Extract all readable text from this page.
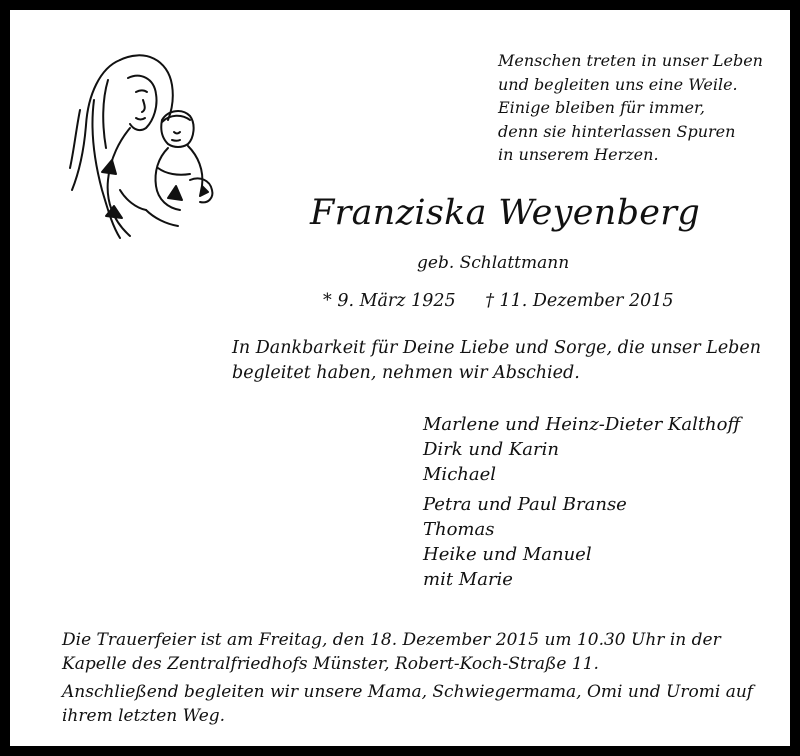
Menschen treten in unser Leben
und begleiten uns eine Weile.
Einige bleiben für immer,
denn sie hinterlassen Spuren
in unserem Herzen.
Franziska Weyenberg
geb. Schlattmann
* 9. März 1925 † 11. Dezember 2015
In Dankbarkeit für Deine Liebe und Sorge, die unser Leben
begleitet haben, nehmen wir Abschied.
Marlene und Heinz-Dieter Kalthoff
Dirk und Karin
Michael
Petra und Paul Branse
Thomas
Heike und Manuel
mit Marie
Die Trauerfeier ist am Freitag, den 18. Dezember 2015 um 10.30 Uhr in der
Kapelle des Zentralfriedhofs Münster, Robert-Koch-Straße 11.
Anschließend begleiten wir unsere Mama, Schwiegermama, Omi und Uromi auf
ihrem letzten Weg.
